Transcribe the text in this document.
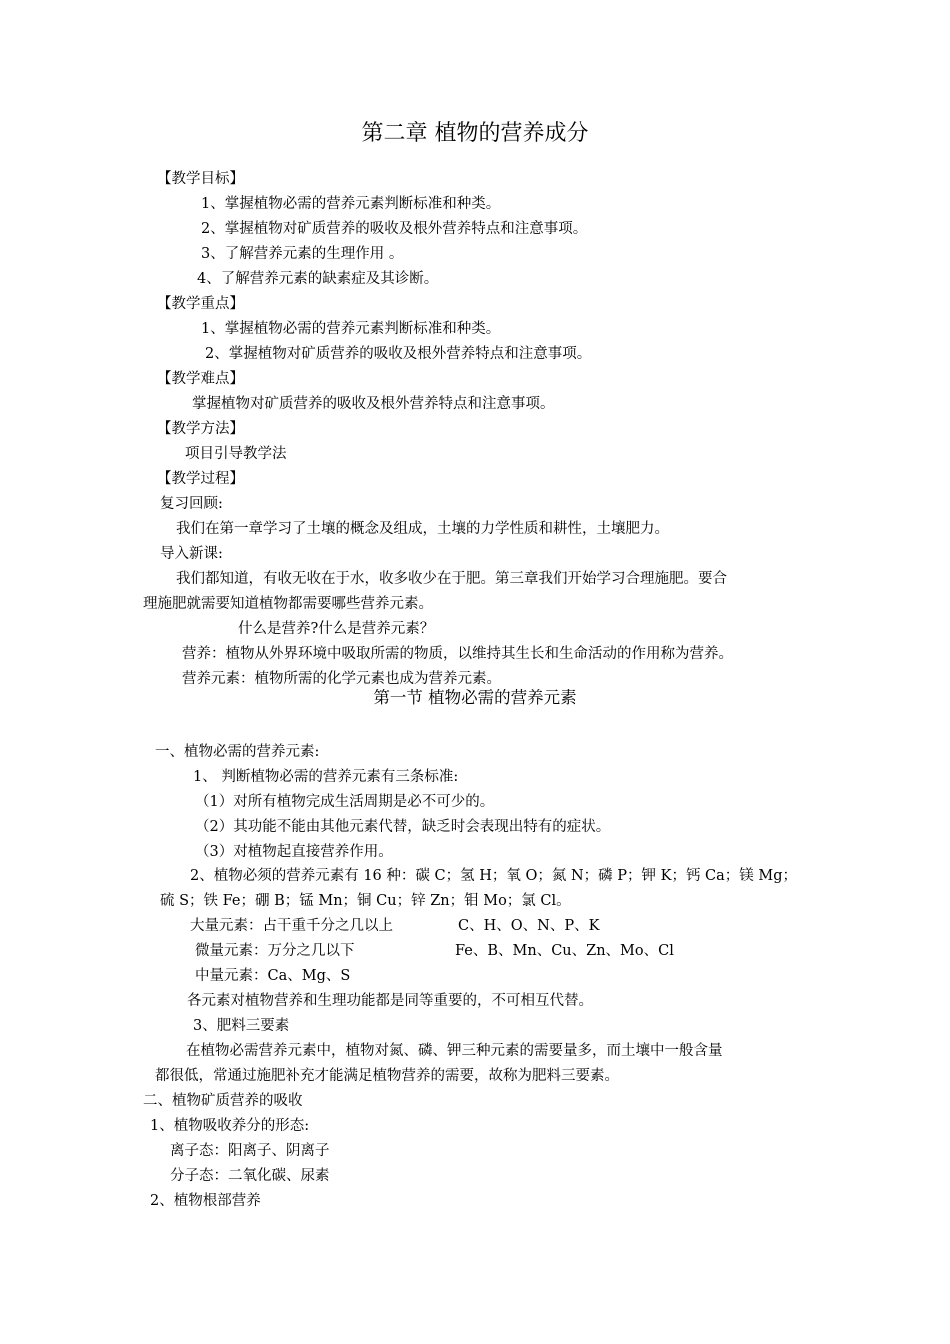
第二章 植物的营养成分
【教学目标】
1、掌握植物必需的营养元素判断标准和种类。
2、掌握植物对矿质营养的吸收及根外营养特点和注意事项。
3、了解营养元素的生理作用 。
4、了解营养元素的缺素症及其诊断。
【教学重点】
1、掌握植物必需的营养元素判断标准和种类。
2、掌握植物对矿质营养的吸收及根外营养特点和注意事项。
【教学难点】
掌握植物对矿质营养的吸收及根外营养特点和注意事项。
【教学方法】
项目引导教学法
【教学过程】
复习回顾:
我们在第一章学习了土壤的概念及组成，土壤的力学性质和耕性，土壤肥力。
导入新课:
我们都知道，有收无收在于水，收多收少在于肥。第三章我们开始学习合理施肥。要合
理施肥就需要知道植物都需要哪些营养元素。
什么是营养?什么是营养元素？
营养：植物从外界环境中吸取所需的物质，以维持其生长和生命活动的作用称为营养。
营养元素：植物所需的化学元素也成为营养元素。
第一节 植物必需的营养元素
一、植物必需的营养元素:
1、 判断植物必需的营养元素有三条标准:
（1）对所有植物完成生活周期是必不可少的。
（2）其功能不能由其他元素代替，缺乏时会表现出特有的症状。
（3）对植物起直接营养作用。
2、植物必须的营养元素有 16 种：碳 C；氢 H；氧 O；氮 N；磷 P；钾 K；钙 Ca；镁 Mg；
硫 S；铁 Fe；硼 B；锰 Mn；铜 Cu；锌 Zn；钼 Mo；氯 Cl。
大量元素：占干重千分之几以上	C、H、O、N、P、K
微量元素：万分之几以下	Fe、B、Mn、Cu、Zn、Mo、Cl
中量元素：Ca、Mg、S
各元素对植物营养和生理功能都是同等重要的，不可相互代替。
3、肥料三要素
在植物必需营养元素中，植物对氮、磷、钾三种元素的需要量多，而土壤中一般含量
都很低，常通过施肥补充才能满足植物营养的需要，故称为肥料三要素。
二、植物矿质营养的吸收
1、植物吸收养分的形态:
离子态：阳离子、阴离子
分子态：二氧化碳、尿素
2、植物根部营养
